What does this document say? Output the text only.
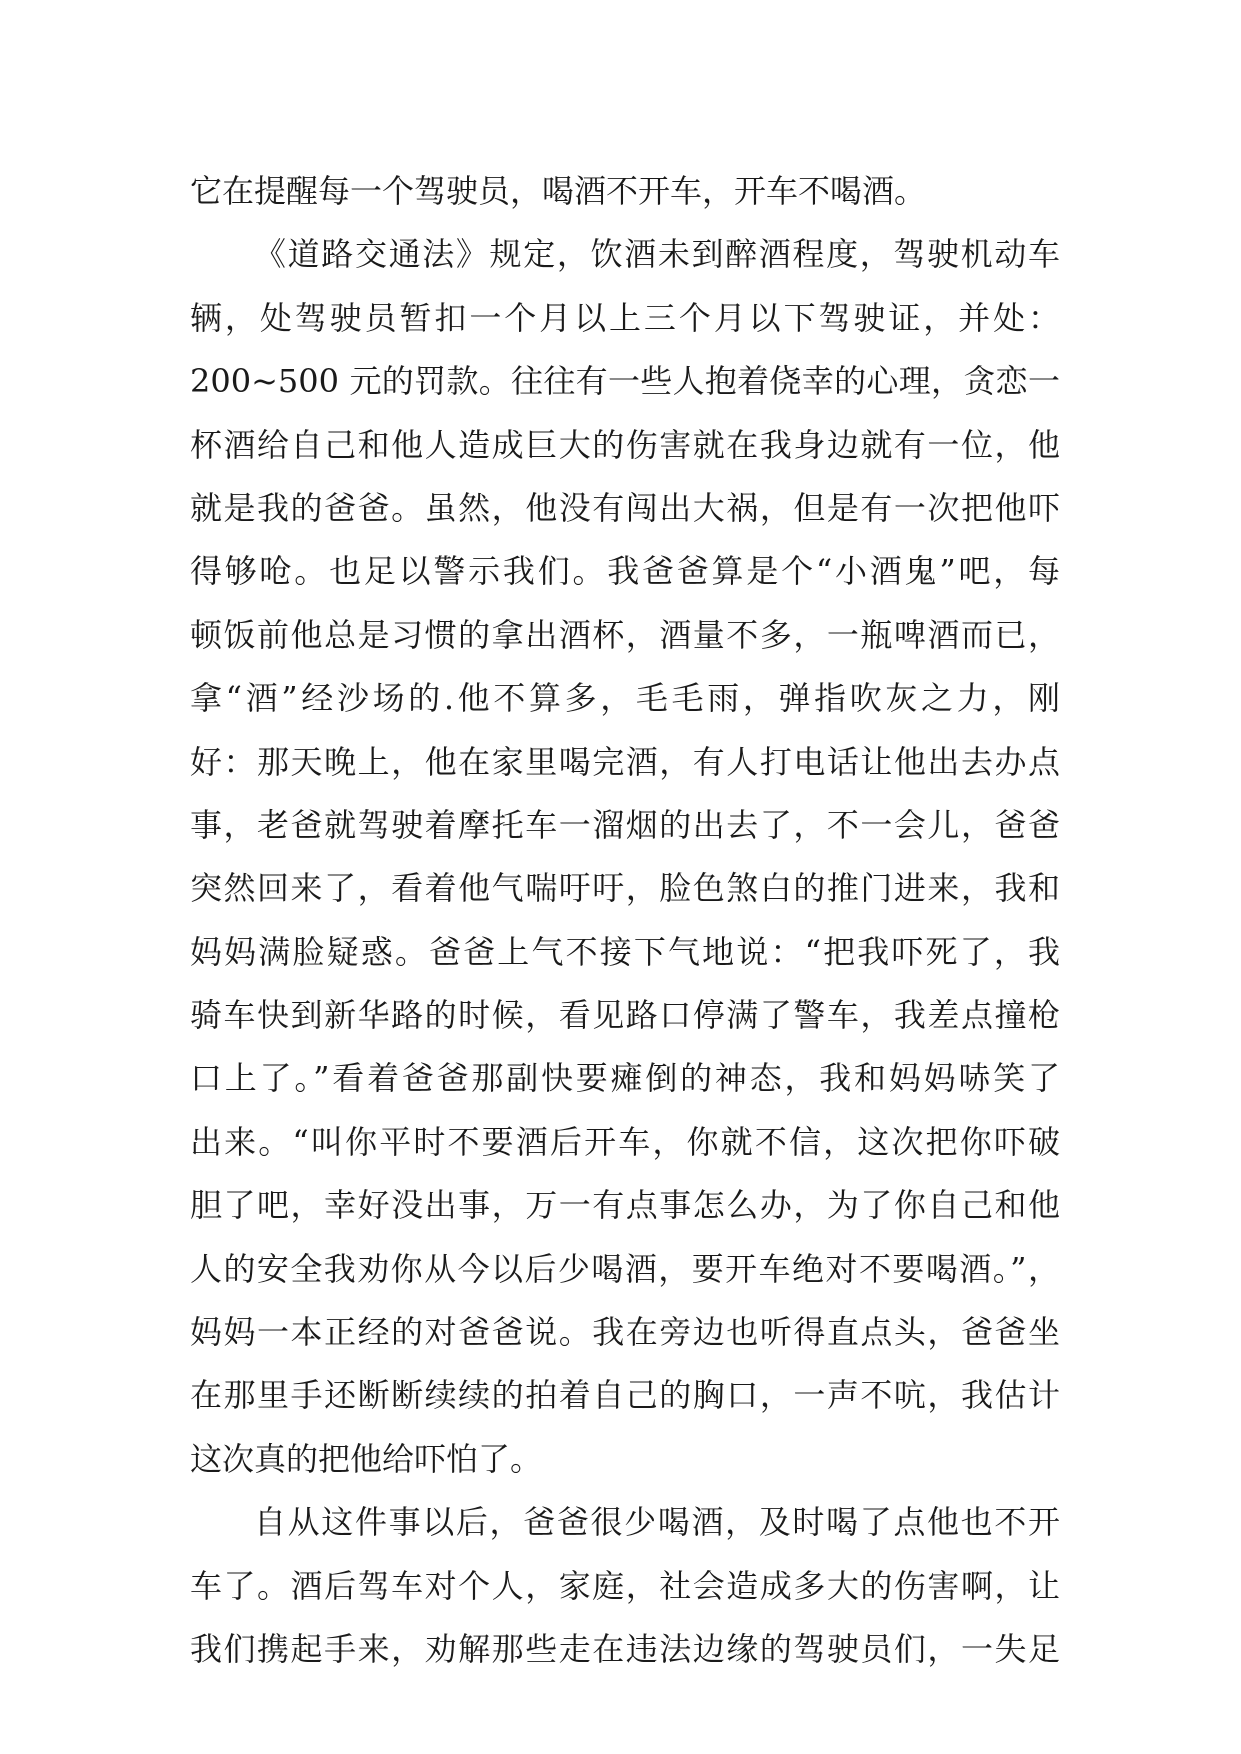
它在提醒每一个驾驶员，喝酒不开车，开车不喝酒。
《道路交通法》规定，饮酒未到醉酒程度，驾驶机动车
辆，处驾驶员暂扣一个月以上三个月以下驾驶证，并处：
200~500 元的罚款。往往有一些人抱着侥幸的心理，贪恋一
杯酒给自己和他人造成巨大的伤害就在我身边就有一位，他
就是我的爸爸。虽然，他没有闯出大祸，但是有一次把他吓
得够呛。也足以警示我们。我爸爸算是个“小酒鬼”吧，每
顿饭前他总是习惯的拿出酒杯，酒量不多，一瓶啤酒而已，
拿“酒”经沙场的.他不算多，毛毛雨，弹指吹灰之力，刚
好：那天晚上，他在家里喝完酒，有人打电话让他出去办点
事，老爸就驾驶着摩托车一溜烟的出去了，不一会儿，爸爸
突然回来了，看着他气喘吁吁，脸色煞白的推门进来，我和
妈妈满脸疑惑。爸爸上气不接下气地说：“把我吓死了，我
骑车快到新华路的时候，看见路口停满了警车，我差点撞枪
口上了。”看着爸爸那副快要瘫倒的神态，我和妈妈哧笑了
出来。“叫你平时不要酒后开车，你就不信，这次把你吓破
胆了吧，幸好没出事，万一有点事怎么办，为了你自己和他
人的安全我劝你从今以后少喝酒，要开车绝对不要喝酒。”，
妈妈一本正经的对爸爸说。我在旁边也听得直点头，爸爸坐
在那里手还断断续续的拍着自己的胸口，一声不吭，我估计
这次真的把他给吓怕了。
自从这件事以后，爸爸很少喝酒，及时喝了点他也不开
车了。酒后驾车对个人，家庭，社会造成多大的伤害啊，让
我们携起手来，劝解那些走在违法边缘的驾驶员们，一失足
